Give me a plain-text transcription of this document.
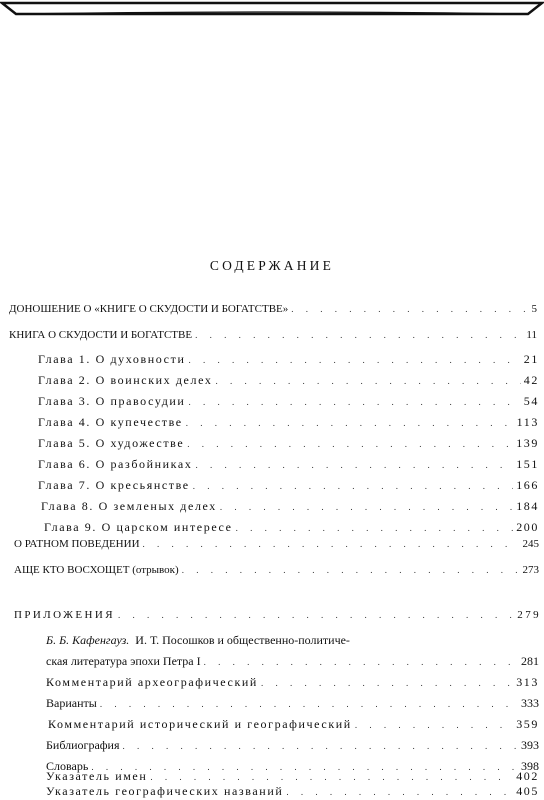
СОДЕРЖАНИЕ
ДОНОШЕНИЕ О «КНИГЕ О СКУДОСТИ И БОГАТСТВЕ» . . .	5
КНИГА О СКУДОСТИ И БОГАТСТВЕ . . .	11
Глава 1. О духовности . . .	21
Глава 2. О воинских делех . . .	42
Глава 3. О правосудии . . .	54
Глава 4. О купечестве . . .	113
Глава 5. О художестве . . .	139
Глава 6. О разбойниках . . .	151
Глава 7. О кресьянстве . . .	166
Глава 8. О земленых делех . . .	184
Глава 9. О царском интересе . . .	200
О РАТНОМ ПОВЕДЕНИИ . . .	245
АЩЕ КТО ВОСХОЩЕТ (отрывок) . . .	273
ПРИЛОЖЕНИЯ . . .	279
Б. Б. Кафенгауз. И. Т. Посошков и общественно-политиче-
ская литература эпохи Петра I . . .	281
Комментарий археографический . . .	313
Варианты . . .	333
Комментарий исторический и географический . . .	359
Библиография . . .	393
Словарь . . .	398
Указатель имен . . .	402
Указатель географических названий . . .	405
